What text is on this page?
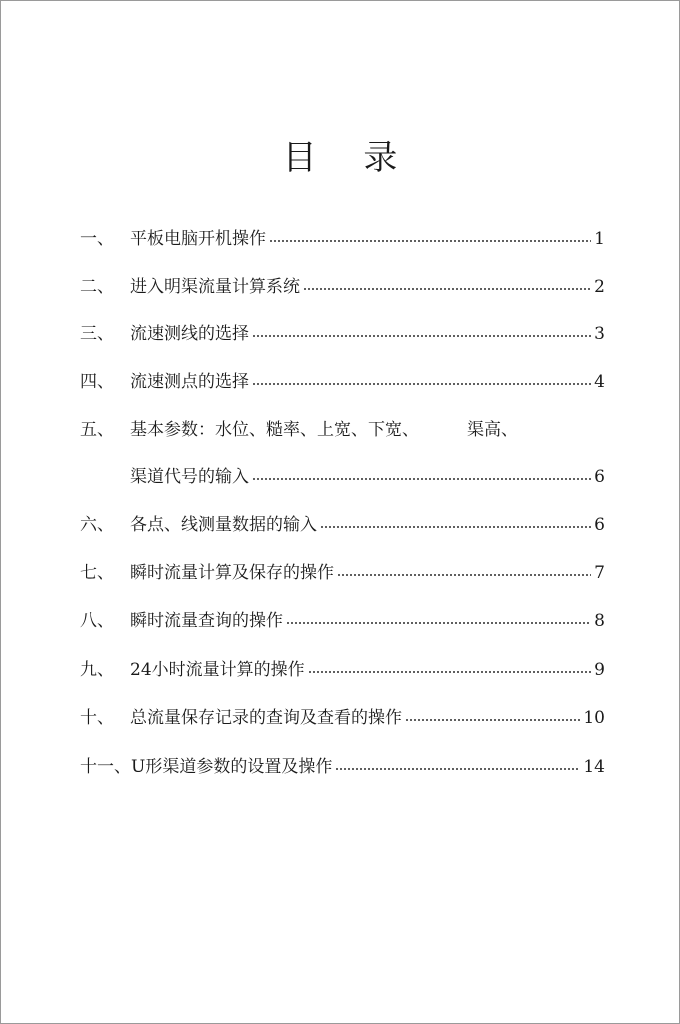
目 录
一、 平板电脑开机操作	1
二、 进入明渠流量计算系统	2
三、 流速测线的选择	3
四、 流速测点的选择	4
五、 基本参数：水位、糙率、上宽、下宽、	渠高、
渠道代号的输入	6
六、 各点、线测量数据的输入	6
七、 瞬时流量计算及保存的操作	7
八、 瞬时流量查询的操作	8
九、 24小时流量计算的操作	9
十、 总流量保存记录的查询及查看的操作	10
十一、 U形渠道参数的设置及操作	14
